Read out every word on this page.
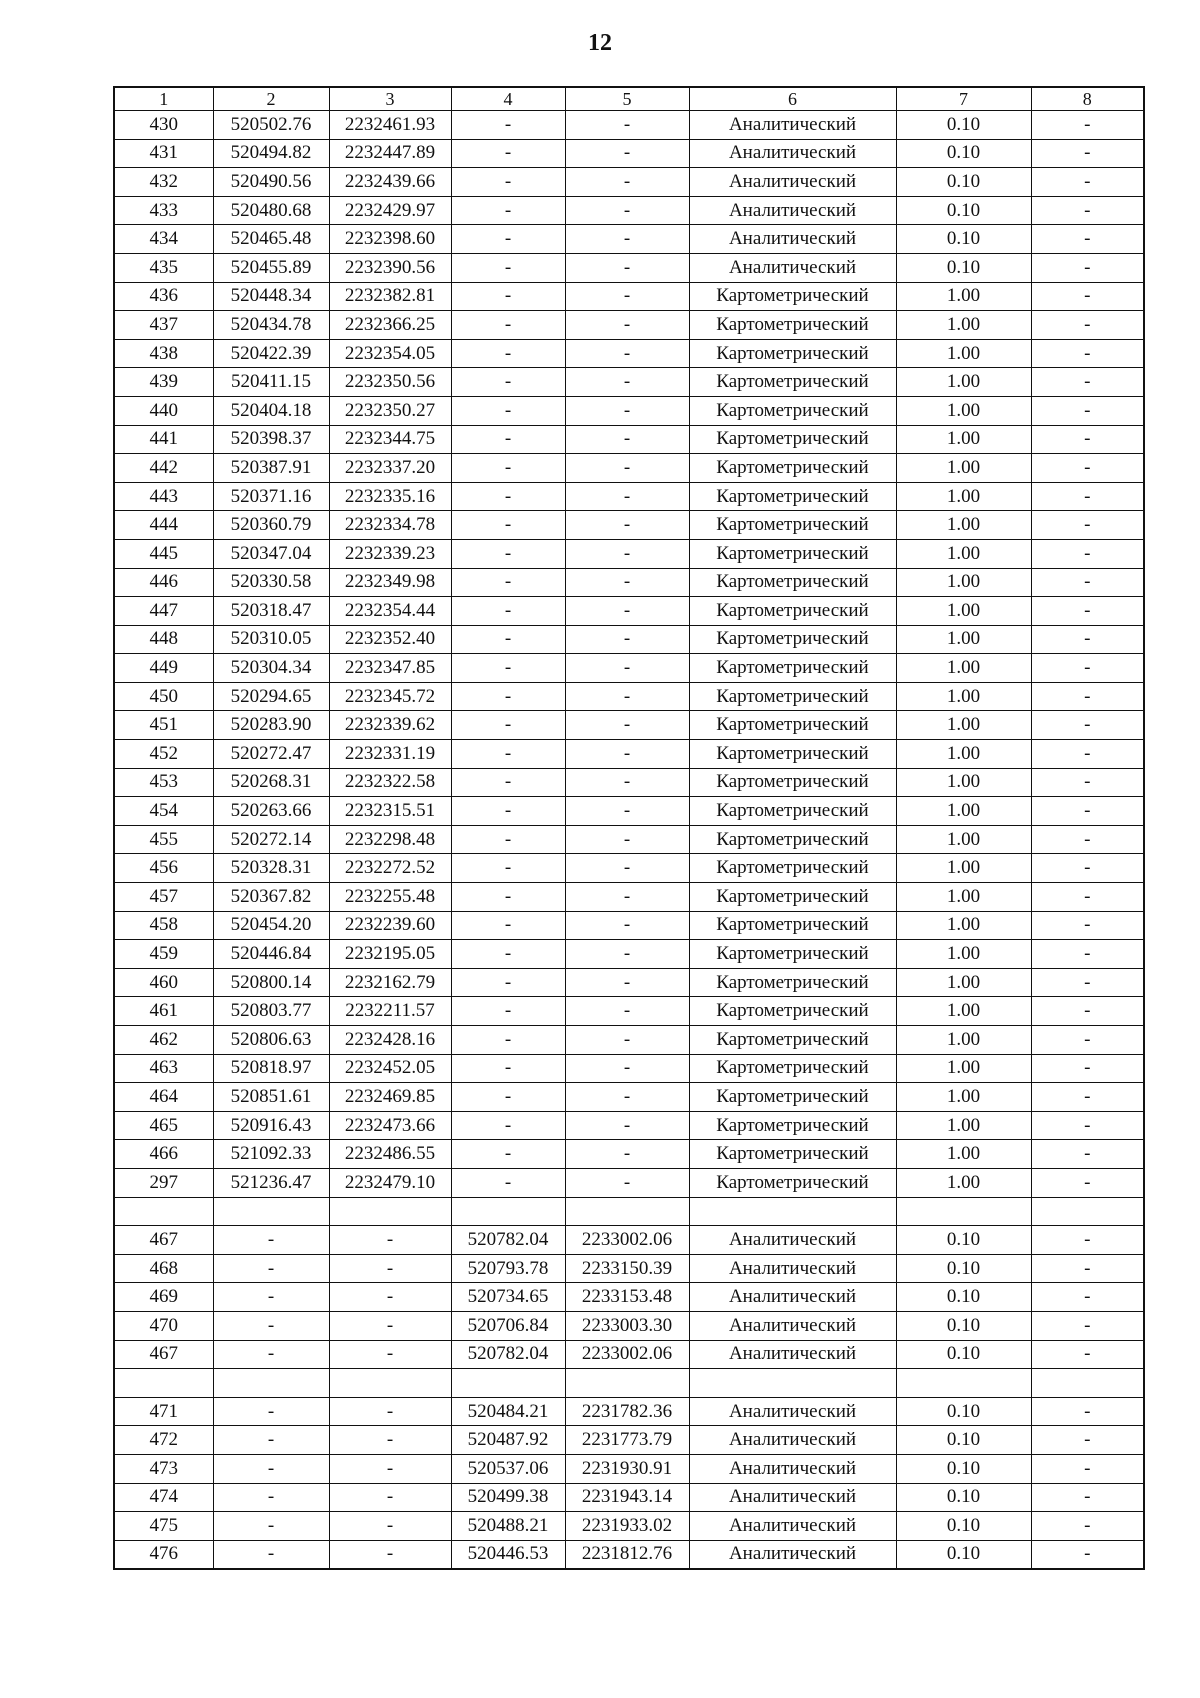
12
1	2	3	4	5	6	7	8
430	520502.76	2232461.93	-	-	Аналитический	0.10	-
431	520494.82	2232447.89	-	-	Аналитический	0.10	-
432	520490.56	2232439.66	-	-	Аналитический	0.10	-
433	520480.68	2232429.97	-	-	Аналитический	0.10	-
434	520465.48	2232398.60	-	-	Аналитический	0.10	-
435	520455.89	2232390.56	-	-	Аналитический	0.10	-
436	520448.34	2232382.81	-	-	Картометрический	1.00	-
437	520434.78	2232366.25	-	-	Картометрический	1.00	-
438	520422.39	2232354.05	-	-	Картометрический	1.00	-
439	520411.15	2232350.56	-	-	Картометрический	1.00	-
440	520404.18	2232350.27	-	-	Картометрический	1.00	-
441	520398.37	2232344.75	-	-	Картометрический	1.00	-
442	520387.91	2232337.20	-	-	Картометрический	1.00	-
443	520371.16	2232335.16	-	-	Картометрический	1.00	-
444	520360.79	2232334.78	-	-	Картометрический	1.00	-
445	520347.04	2232339.23	-	-	Картометрический	1.00	-
446	520330.58	2232349.98	-	-	Картометрический	1.00	-
447	520318.47	2232354.44	-	-	Картометрический	1.00	-
448	520310.05	2232352.40	-	-	Картометрический	1.00	-
449	520304.34	2232347.85	-	-	Картометрический	1.00	-
450	520294.65	2232345.72	-	-	Картометрический	1.00	-
451	520283.90	2232339.62	-	-	Картометрический	1.00	-
452	520272.47	2232331.19	-	-	Картометрический	1.00	-
453	520268.31	2232322.58	-	-	Картометрический	1.00	-
454	520263.66	2232315.51	-	-	Картометрический	1.00	-
455	520272.14	2232298.48	-	-	Картометрический	1.00	-
456	520328.31	2232272.52	-	-	Картометрический	1.00	-
457	520367.82	2232255.48	-	-	Картометрический	1.00	-
458	520454.20	2232239.60	-	-	Картометрический	1.00	-
459	520446.84	2232195.05	-	-	Картометрический	1.00	-
460	520800.14	2232162.79	-	-	Картометрический	1.00	-
461	520803.77	2232211.57	-	-	Картометрический	1.00	-
462	520806.63	2232428.16	-	-	Картометрический	1.00	-
463	520818.97	2232452.05	-	-	Картометрический	1.00	-
464	520851.61	2232469.85	-	-	Картометрический	1.00	-
465	520916.43	2232473.66	-	-	Картометрический	1.00	-
466	521092.33	2232486.55	-	-	Картометрический	1.00	-
297	521236.47	2232479.10	-	-	Картометрический	1.00	-

467	-	-	520782.04	2233002.06	Аналитический	0.10	-
468	-	-	520793.78	2233150.39	Аналитический	0.10	-
469	-	-	520734.65	2233153.48	Аналитический	0.10	-
470	-	-	520706.84	2233003.30	Аналитический	0.10	-
467	-	-	520782.04	2233002.06	Аналитический	0.10	-

471	-	-	520484.21	2231782.36	Аналитический	0.10	-
472	-	-	520487.92	2231773.79	Аналитический	0.10	-
473	-	-	520537.06	2231930.91	Аналитический	0.10	-
474	-	-	520499.38	2231943.14	Аналитический	0.10	-
475	-	-	520488.21	2231933.02	Аналитический	0.10	-
476	-	-	520446.53	2231812.76	Аналитический	0.10	-
